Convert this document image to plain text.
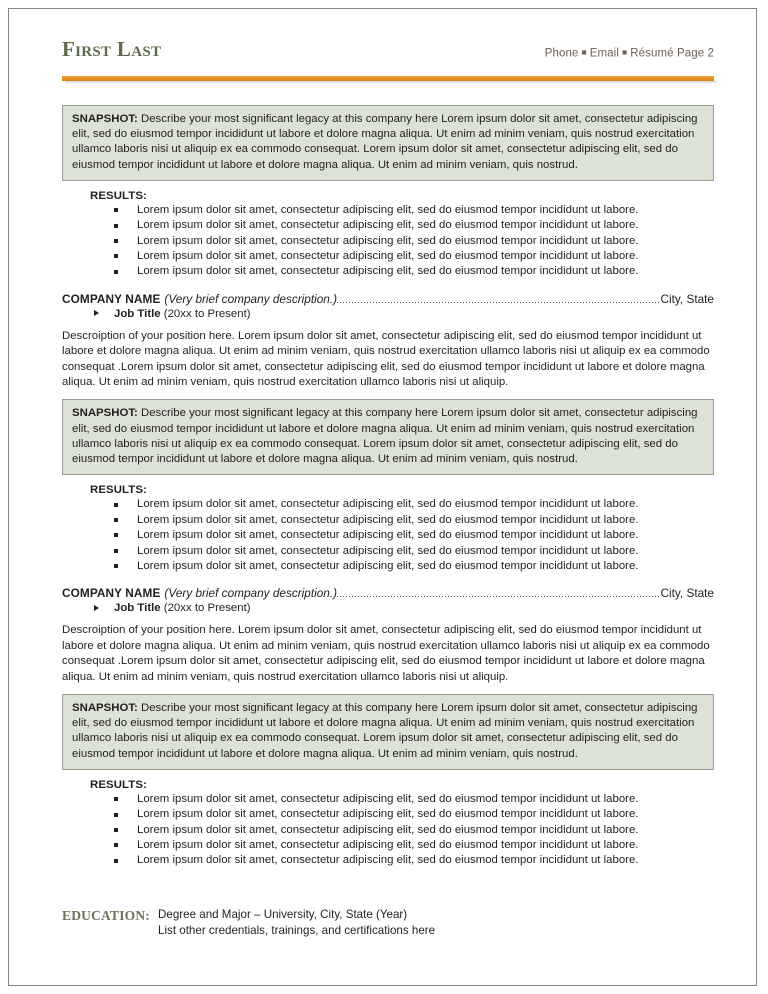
First Last	Phone ■ Email ■ Résumé Page 2
SNAPSHOT: Describe your most significant legacy at this company here Lorem ipsum dolor sit amet, consectetur adipiscing elit, sed do eiusmod tempor incididunt ut labore et dolore magna aliqua. Ut enim ad minim veniam, quis nostrud exercitation ullamco laboris nisi ut aliquip ex ea commodo consequat. Lorem ipsum dolor sit amet, consectetur adipiscing elit, sed do eiusmod tempor incididunt ut labore et dolore magna aliqua. Ut enim ad minim veniam, quis nostrud.
RESULTS:
Lorem ipsum dolor sit amet, consectetur adipiscing elit, sed do eiusmod tempor incididunt ut labore.
Lorem ipsum dolor sit amet, consectetur adipiscing elit, sed do eiusmod tempor incididunt ut labore.
Lorem ipsum dolor sit amet, consectetur adipiscing elit, sed do eiusmod tempor incididunt ut labore.
Lorem ipsum dolor sit amet, consectetur adipiscing elit, sed do eiusmod tempor incididunt ut labore.
Lorem ipsum dolor sit amet, consectetur adipiscing elit, sed do eiusmod tempor incididunt ut labore.
COMPANY NAME (Very brief company description.)	City, State
Job Title (20xx to Present)
Descroiption of your position here. Lorem ipsum dolor sit amet, consectetur adipiscing elit, sed do eiusmod tempor incididunt ut labore et dolore magna aliqua. Ut enim ad minim veniam, quis nostrud exercitation ullamco laboris nisi ut aliquip ex ea commodo consequat .Lorem ipsum dolor sit amet, consectetur adipiscing elit, sed do eiusmod tempor incididunt ut labore et dolore magna aliqua. Ut enim ad minim veniam, quis nostrud exercitation ullamco laboris nisi ut aliquip.
SNAPSHOT: Describe your most significant legacy at this company here Lorem ipsum dolor sit amet, consectetur adipiscing elit, sed do eiusmod tempor incididunt ut labore et dolore magna aliqua. Ut enim ad minim veniam, quis nostrud exercitation ullamco laboris nisi ut aliquip ex ea commodo consequat. Lorem ipsum dolor sit amet, consectetur adipiscing elit, sed do eiusmod tempor incididunt ut labore et dolore magna aliqua. Ut enim ad minim veniam, quis nostrud.
RESULTS:
Lorem ipsum dolor sit amet, consectetur adipiscing elit, sed do eiusmod tempor incididunt ut labore.
Lorem ipsum dolor sit amet, consectetur adipiscing elit, sed do eiusmod tempor incididunt ut labore.
Lorem ipsum dolor sit amet, consectetur adipiscing elit, sed do eiusmod tempor incididunt ut labore.
Lorem ipsum dolor sit amet, consectetur adipiscing elit, sed do eiusmod tempor incididunt ut labore.
Lorem ipsum dolor sit amet, consectetur adipiscing elit, sed do eiusmod tempor incididunt ut labore.
COMPANY NAME (Very brief company description.)	City, State
Job Title (20xx to Present)
Descroiption of your position here. Lorem ipsum dolor sit amet, consectetur adipiscing elit, sed do eiusmod tempor incididunt ut labore et dolore magna aliqua. Ut enim ad minim veniam, quis nostrud exercitation ullamco laboris nisi ut aliquip ex ea commodo consequat .Lorem ipsum dolor sit amet, consectetur adipiscing elit, sed do eiusmod tempor incididunt ut labore et dolore magna aliqua. Ut enim ad minim veniam, quis nostrud exercitation ullamco laboris nisi ut aliquip.
SNAPSHOT: Describe your most significant legacy at this company here Lorem ipsum dolor sit amet, consectetur adipiscing elit, sed do eiusmod tempor incididunt ut labore et dolore magna aliqua. Ut enim ad minim veniam, quis nostrud exercitation ullamco laboris nisi ut aliquip ex ea commodo consequat. Lorem ipsum dolor sit amet, consectetur adipiscing elit, sed do eiusmod tempor incididunt ut labore et dolore magna aliqua. Ut enim ad minim veniam, quis nostrud.
RESULTS:
Lorem ipsum dolor sit amet, consectetur adipiscing elit, sed do eiusmod tempor incididunt ut labore.
Lorem ipsum dolor sit amet, consectetur adipiscing elit, sed do eiusmod tempor incididunt ut labore.
Lorem ipsum dolor sit amet, consectetur adipiscing elit, sed do eiusmod tempor incididunt ut labore.
Lorem ipsum dolor sit amet, consectetur adipiscing elit, sed do eiusmod tempor incididunt ut labore.
Lorem ipsum dolor sit amet, consectetur adipiscing elit, sed do eiusmod tempor incididunt ut labore.
EDUCATION: Degree and Major – University, City, State (Year)
List other credentials, trainings, and certifications here
